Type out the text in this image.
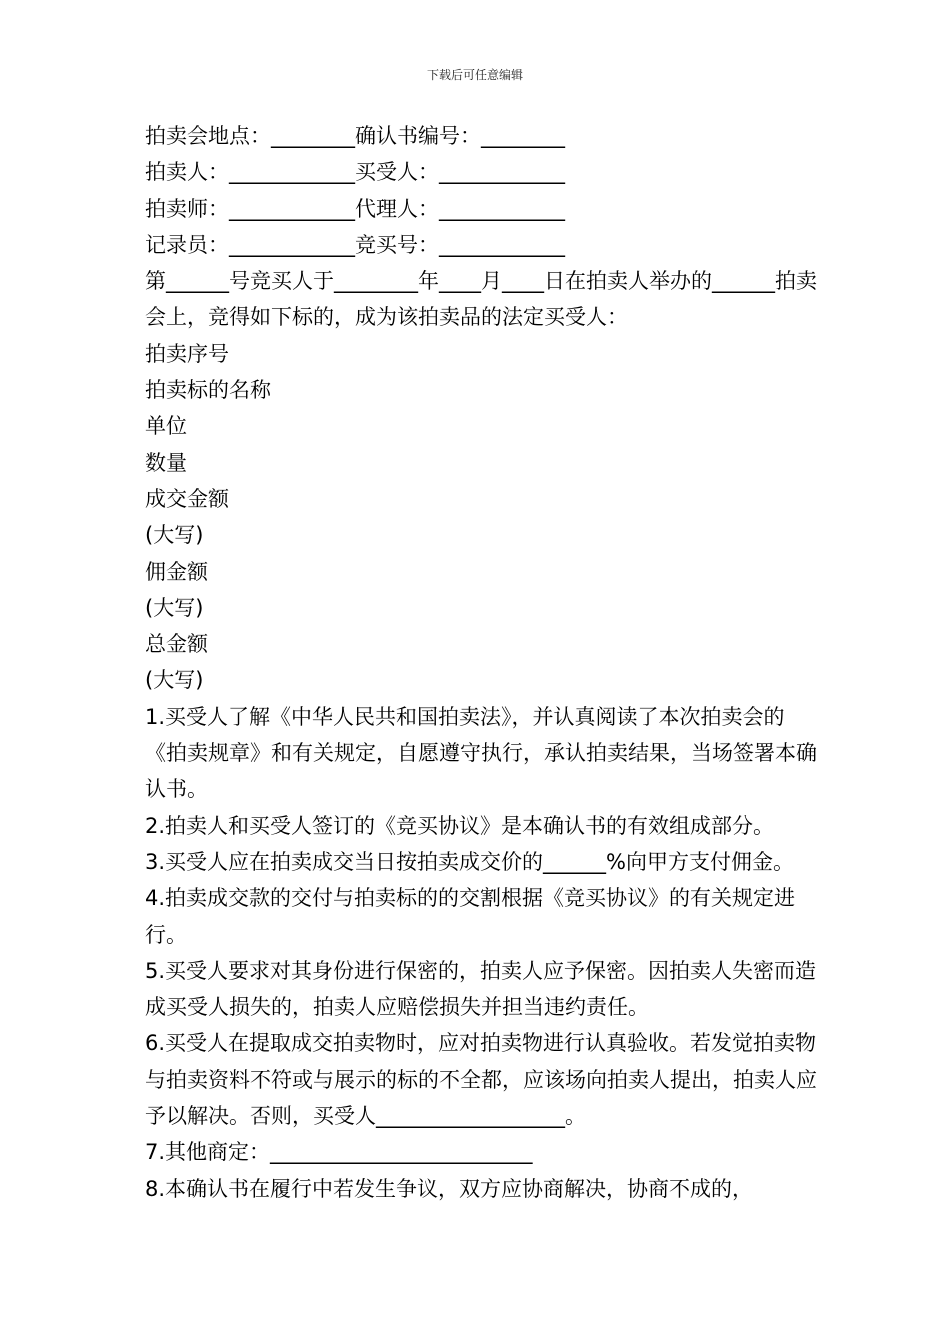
下载后可任意编辑
拍卖会地点：________确认书编号：________
拍卖人：____________买受人：____________
拍卖师：____________代理人：____________
记录员：____________竞买号：____________
第______号竞买人于________年____月____日在拍卖人举办的______拍卖会上，竞得如下标的，成为该拍卖品的法定买受人：
拍卖序号
拍卖标的名称
单位
数量
成交金额
(大写)
佣金额
(大写)
总金额
(大写)
1.买受人了解《中华人民共和国拍卖法》，并认真阅读了本次拍卖会的《拍卖规章》和有关规定，自愿遵守执行，承认拍卖结果，当场签署本确认书。
2.拍卖人和买受人签订的《竞买协议》是本确认书的有效组成部分。
3.买受人应在拍卖成交当日按拍卖成交价的______%向甲方支付佣金。
4.拍卖成交款的交付与拍卖标的的交割根据《竞买协议》的有关规定进行。
5.买受人要求对其身份进行保密的，拍卖人应予保密。因拍卖人失密而造成买受人损失的，拍卖人应赔偿损失并担当违约责任。
6.买受人在提取成交拍卖物时，应对拍卖物进行认真验收。若发觉拍卖物与拍卖资料不符或与展示的标的不全都，应该场向拍卖人提出，拍卖人应予以解决。否则，买受人__________________。
7.其他商定：_________________________
8.本确认书在履行中若发生争议，双方应协商解决，协商不成的，
